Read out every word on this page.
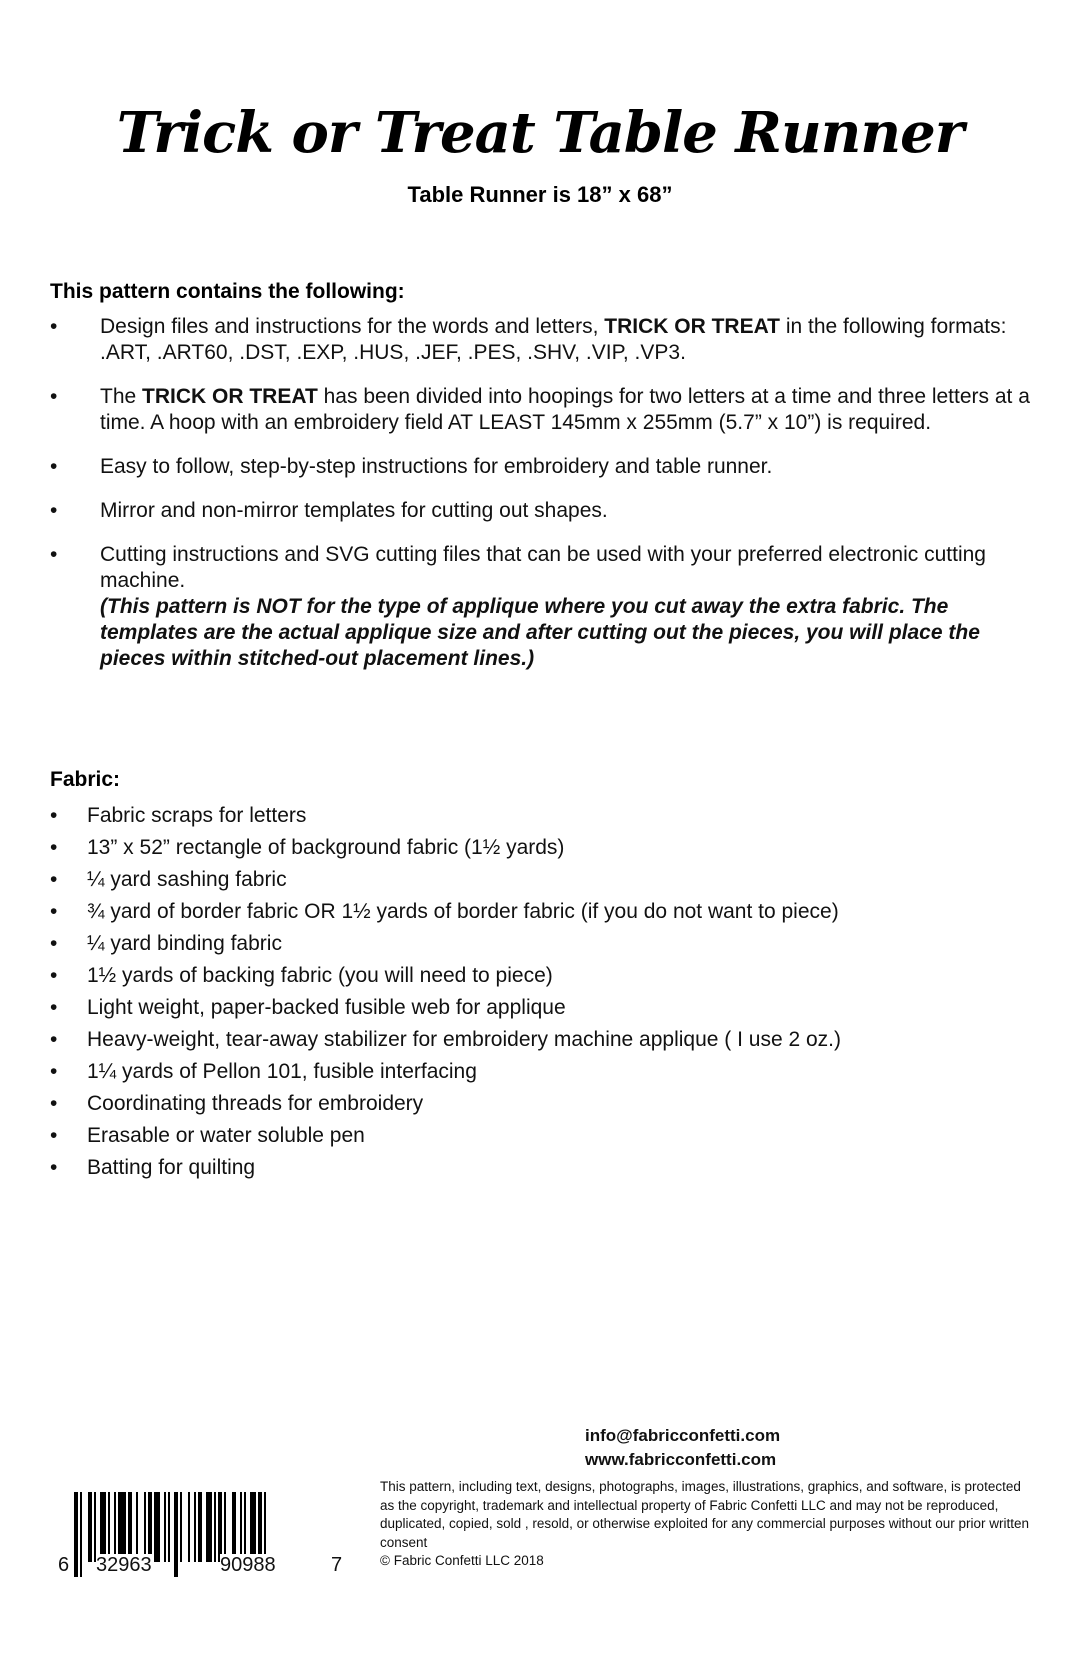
Trick or Treat Table Runner
Table Runner is 18” x 68”
This pattern contains the following:
• Design files and instructions for the words and letters, TRICK OR TREAT in the following formats: .ART, .ART60, .DST, .EXP, .HUS, .JEF, .PES, .SHV, .VIP, .VP3.
• The TRICK OR TREAT has been divided into hoopings for two letters at a time and three letters at a time. A hoop with an embroidery field AT LEAST 145mm x 255mm (5.7” x 10”) is required.
• Easy to follow, step-by-step instructions for embroidery and table runner.
• Mirror and non-mirror templates for cutting out shapes.
• Cutting instructions and SVG cutting files that can be used with your preferred electronic cutting machine.
(This pattern is NOT for the type of applique where you cut away the extra fabric. The templates are the actual applique size and after cutting out the pieces, you will place the pieces within stitched-out placement lines.)
Fabric:
• Fabric scraps for letters
• 13” x 52” rectangle of background fabric (1½ yards)
• ¼ yard sashing fabric
• ¾ yard of border fabric OR 1½ yards of border fabric (if you do not want to piece)
• ¼ yard binding fabric
• 1½ yards of backing fabric (you will need to piece)
• Light weight, paper-backed fusible web for applique
• Heavy-weight, tear-away stabilizer for embroidery machine applique ( I use 2 oz.)
• 1¼ yards of Pellon 101, fusible interfacing
• Coordinating threads for embroidery
• Erasable or water soluble pen
• Batting for quilting
info@fabricconfetti.com
www.fabricconfetti.com
This pattern, including text, designs, photographs, images, illustrations, graphics, and software, is protected as the copyright, trademark and intellectual property of Fabric Confetti LLC and may not be reproduced, duplicated, copied, sold , resold, or otherwise exploited for any commercial purposes without our prior written consent
© Fabric Confetti LLC 2018
6 32963	90988	7
